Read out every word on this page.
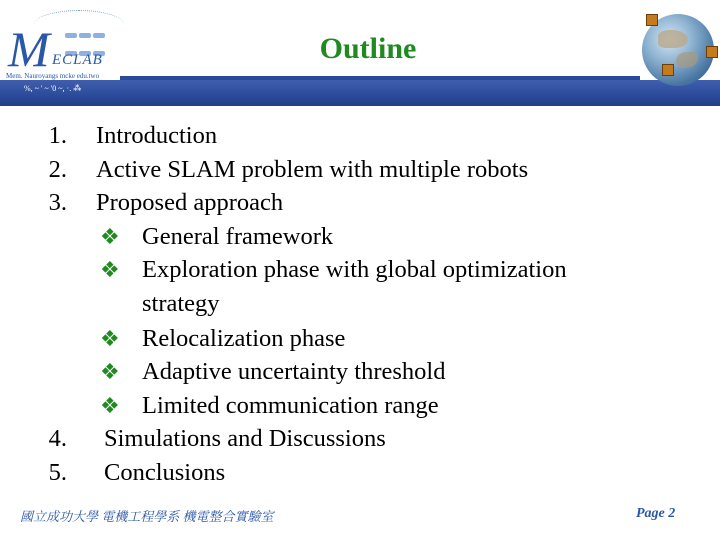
Outline

M ECLAB
Mem. Nauroyangs mcke edu.two
%, ~ ' ~ '0 ~, ·. ⁂
1. Introduction
2. Active SLAM problem with multiple robots
3. Proposed approach
❖ General framework
❖ Exploration phase with global optimization
strategy
❖ Relocalization phase
❖ Adaptive uncertainty threshold
❖ Limited communication range
4. Simulations and Discussions
5. Conclusions
國立成功大學 電機工程學系 機電整合實驗室	Page 2
